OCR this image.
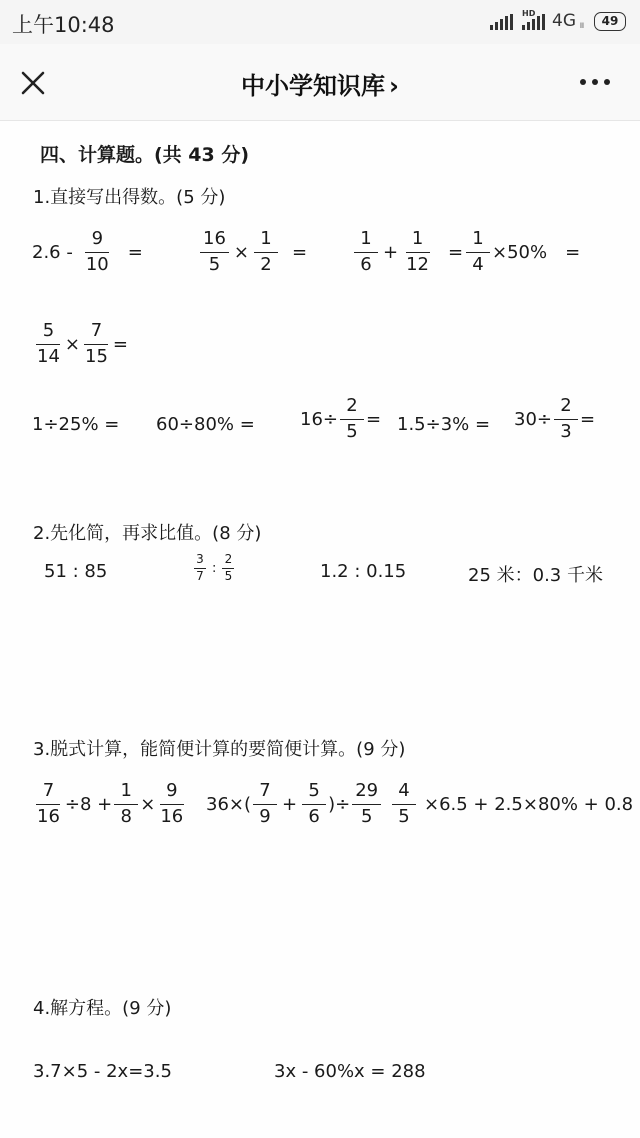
上午10:48	HD 4G ll	49
中小学知识库 ›
四、计算题。(共 43 分)
1.直接写出得数。(5 分)
$2.6 - \frac{9}{10}$ =	$\frac{16}{5} \times \frac{1}{2}$ =	$\frac{1}{6} + \frac{1}{12} = \frac{1}{4} \times 50\%$ =
$\frac{5}{14} \times \frac{7}{15}$ =
1÷25% = 60÷80% =	$16\div \frac{2}{5} = 1.5\div 3\% = 30\div \frac{2}{3}$ =
2.先化简，再求比值。(8 分)
51 : 85	$\frac{3}{7}$ : $\frac{2}{5}$	1.2 : 0.15	25 米：0.3 千米
3.脱式计算，能简便计算的要简便计算。(9 分)
$\frac{7}{16} \div 8 + \frac{1}{8} \times \frac{9}{16} 36\times( \frac{7}{9} + \frac{5}{6}$ )÷ $\frac{29}{5} \frac{4}{5} \times 6.5 + 2.5\times 80\% + 0.8$
4.解方程。(9 分)
3.7×5 - 2x=3.5	3x - 60%x = 288
